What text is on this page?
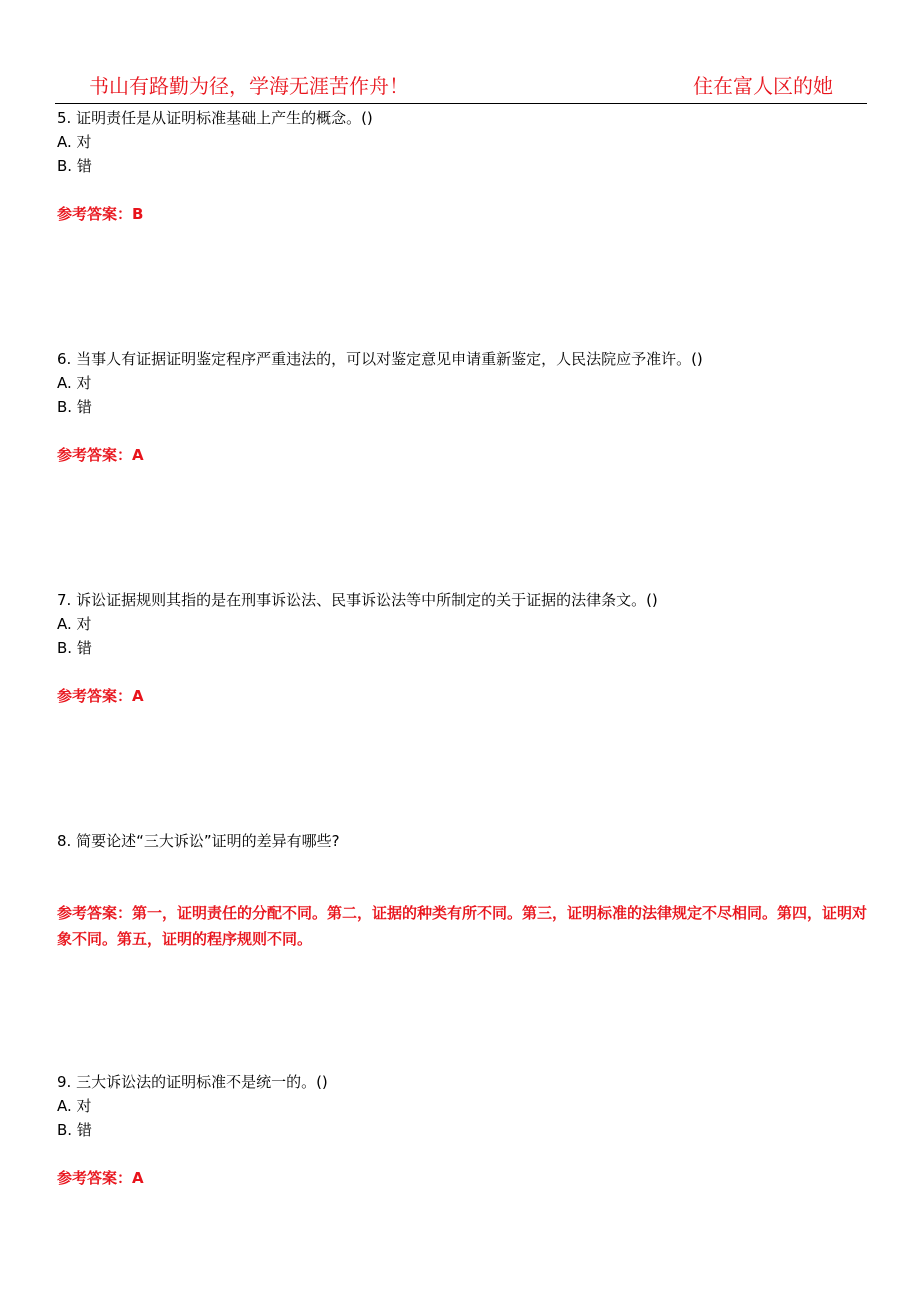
书山有路勤为径，学海无涯苦作舟！	住在富人区的她
5. 证明责任是从证明标准基础上产生的概念。()
A. 对
B. 错
参考答案：B
6. 当事人有证据证明鉴定程序严重违法的，可以对鉴定意见申请重新鉴定，人民法院应予准许。()
A. 对
B. 错
参考答案：A
7. 诉讼证据规则其指的是在刑事诉讼法、民事诉讼法等中所制定的关于证据的法律条文。()
A. 对
B. 错
参考答案：A
8. 简要论述“三大诉讼”证明的差异有哪些?
参考答案：第一，证明责任的分配不同。第二，证据的种类有所不同。第三，证明标准的法律规定不尽相同。第四，证明对象不同。第五，证明的程序规则不同。
9. 三大诉讼法的证明标准不是统一的。()
A. 对
B. 错
参考答案：A
